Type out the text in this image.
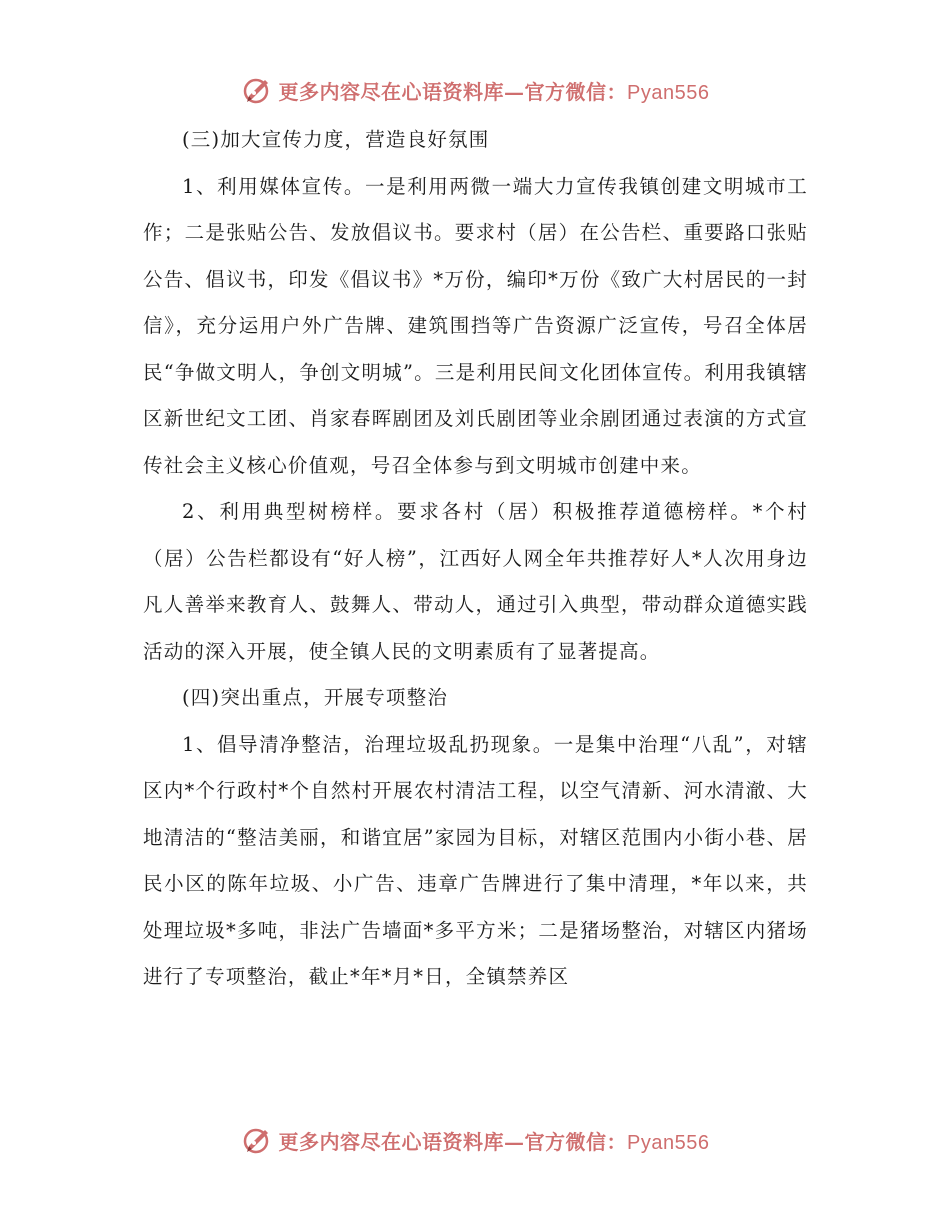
更多内容尽在心语资料库—官方微信：Pyan556

(三)加大宣传力度，营造良好氛围

1、利用媒体宣传。一是利用两微一端大力宣传我镇创建文明城市工作；二是张贴公告、发放倡议书。要求村（居）在公告栏、重要路口张贴公告、倡议书，印发《倡议书》*万份，编印*万份《致广大村居民的一封信》，充分运用户外广告牌、建筑围挡等广告资源广泛宣传，号召全体居民“争做文明人，争创文明城”。三是利用民间文化团体宣传。利用我镇辖区新世纪文工团、肖家春晖剧团及刘氏剧团等业余剧团通过表演的方式宣传社会主义核心价值观，号召全体参与到文明城市创建中来。

2、利用典型树榜样。要求各村（居）积极推荐道德榜样。*个村（居）公告栏都设有“好人榜”，江西好人网全年共推荐好人*人次用身边凡人善举来教育人、鼓舞人、带动人，通过引入典型，带动群众道德实践活动的深入开展，使全镇人民的文明素质有了显著提高。

(四)突出重点，开展专项整治

1、倡导清净整洁，治理垃圾乱扔现象。一是集中治理“八乱”，对辖区内*个行政村*个自然村开展农村清洁工程，以空气清新、河水清澈、大地清洁的“整洁美丽，和谐宜居”家园为目标，对辖区范围内小街小巷、居民小区的陈年垃圾、小广告、违章广告牌进行了集中清理，*年以来，共处理垃圾*多吨，非法广告墙面*多平方米；二是猪场整治，对辖区内猪场进行了专项整治，截止*年*月*日，全镇禁养区

更多内容尽在心语资料库—官方微信：Pyan556
